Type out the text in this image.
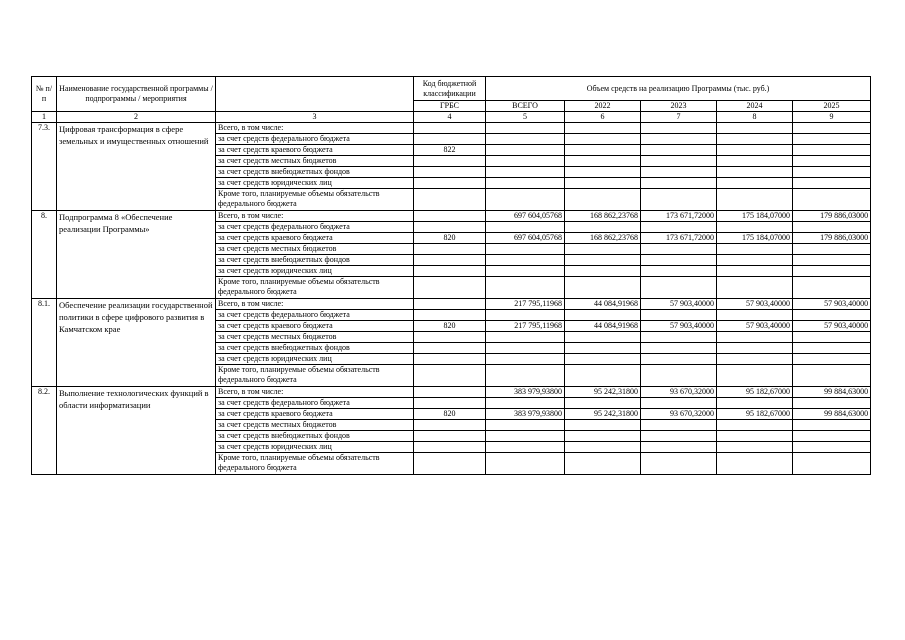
№ п/п	Наименование государственной программы / подпрограммы / мероприятия		Код бюджетной классификации	Объем средств на реализацию Программы (тыс. руб.)				
			ГРБС	ВСЕГО	2022	2023	2024	2025
1	2	3	4	5	6	7	8	9
7.3.	Цифровая трансформация в сфере земельных и имущественных отношений	Всего, в том числе:						
		за счет средств федерального бюджета						
		за счет средств краевого бюджета	822					
		за счет средств местных бюджетов						
		за счет средств внебюджетных фондов						
		за счет средств юридических лиц						
		Кроме того, планируемые объемы обязательств федерального бюджета						
8.	Подпрограмма 8 «Обеспечение реализации Программы»	Всего, в том числе:		697 604,05768	168 862,23768	173 671,72000	175 184,07000	179 886,03000
		за счет средств федерального бюджета						
		за счет средств краевого бюджета	820	697 604,05768	168 862,23768	173 671,72000	175 184,07000	179 886,03000
		за счет средств местных бюджетов						
		за счет средств внебюджетных фондов						
		за счет средств юридических лиц						
		Кроме того, планируемые объемы обязательств федерального бюджета						
8.1.	Обеспечение реализации государственной политики в сфере цифрового развития в Камчатском крае	Всего, в том числе:		217 795,11968	44 084,91968	57 903,40000	57 903,40000	57 903,40000
		за счет средств федерального бюджета						
		за счет средств краевого бюджета	820	217 795,11968	44 084,91968	57 903,40000	57 903,40000	57 903,40000
		за счет средств местных бюджетов						
		за счет средств внебюджетных фондов						
		за счет средств юридических лиц						
		Кроме того, планируемые объемы обязательств федерального бюджета						
8.2.	Выполнение технологических функций в области информатизации	Всего, в том числе:		383 979,93800	95 242,31800	93 670,32000	95 182,67000	99 884,63000
		за счет средств федерального бюджета						
		за счет средств краевого бюджета	820	383 979,93800	95 242,31800	93 670,32000	95 182,67000	99 884,63000
		за счет средств местных бюджетов						
		за счет средств внебюджетных фондов						
		за счет средств юридических лиц						
		Кроме того, планируемые объемы обязательств федерального бюджета						
